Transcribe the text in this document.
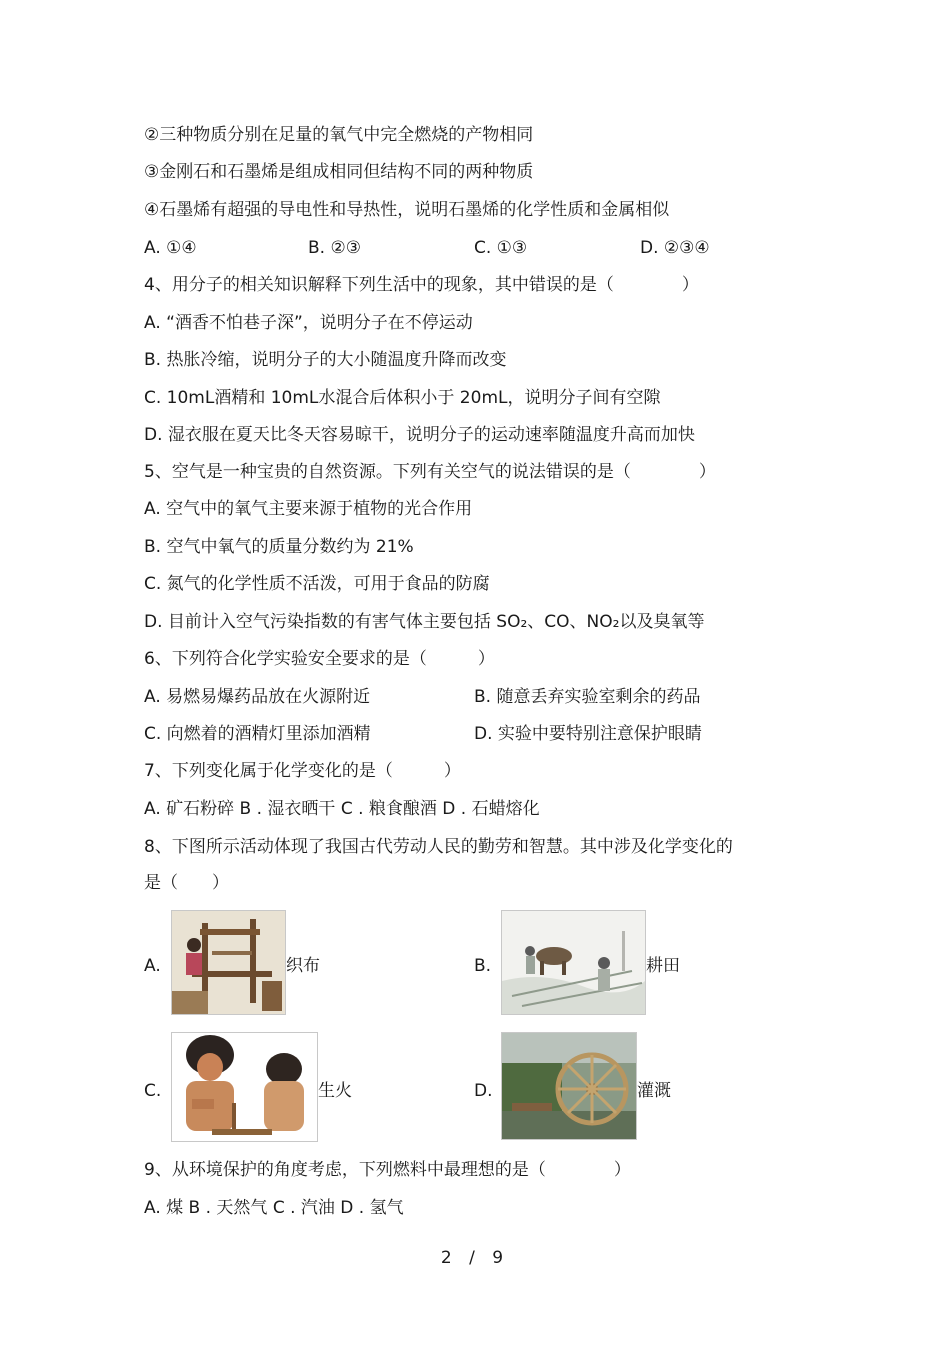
②三种物质分别在足量的氧气中完全燃烧的产物相同
③金刚石和石墨烯是组成相同但结构不同的两种物质
④石墨烯有超强的导电性和导热性，说明石墨烯的化学性质和金属相似
A. ①④	B. ②③	C. ①③	D. ②③④
4、用分子的相关知识解释下列生活中的现象，其中错误的是（　　　　）
A. “酒香不怕巷子深”，说明分子在不停运动
B. 热胀冷缩，说明分子的大小随温度升降而改变
C. 10mL酒精和 10mL水混合后体积小于 20mL，说明分子间有空隙
D. 湿衣服在夏天比冬天容易晾干，说明分子的运动速率随温度升高而加快
5、空气是一种宝贵的自然资源。下列有关空气的说法错误的是（　　　　）
A. 空气中的氧气主要来源于植物的光合作用
B. 空气中氧气的质量分数约为 21%
C. 氮气的化学性质不活泼，可用于食品的防腐
D. 目前计入空气污染指数的有害气体主要包括 SO₂、CO、NO₂以及臭氧等
6、下列符合化学实验安全要求的是（　　　）
A. 易燃易爆药品放在火源附近	B. 随意丢弃实验室剩余的药品
C. 向燃着的酒精灯里添加酒精	D. 实验中要特别注意保护眼睛
7、下列变化属于化学变化的是（　　　）
A. 矿石粉碎 B . 湿衣晒干 C . 粮食酿酒 D . 石蜡熔化
8、下图所示活动体现了我国古代劳动人民的勤劳和智慧。其中涉及化学变化的
是（　　）
A.	织布	B.	耕田
C.	生火	D.	灌溉
9、从环境保护的角度考虑，下列燃料中最理想的是（　　　　）
A. 煤 B . 天然气 C . 汽油 D . 氢气
2 / 9
